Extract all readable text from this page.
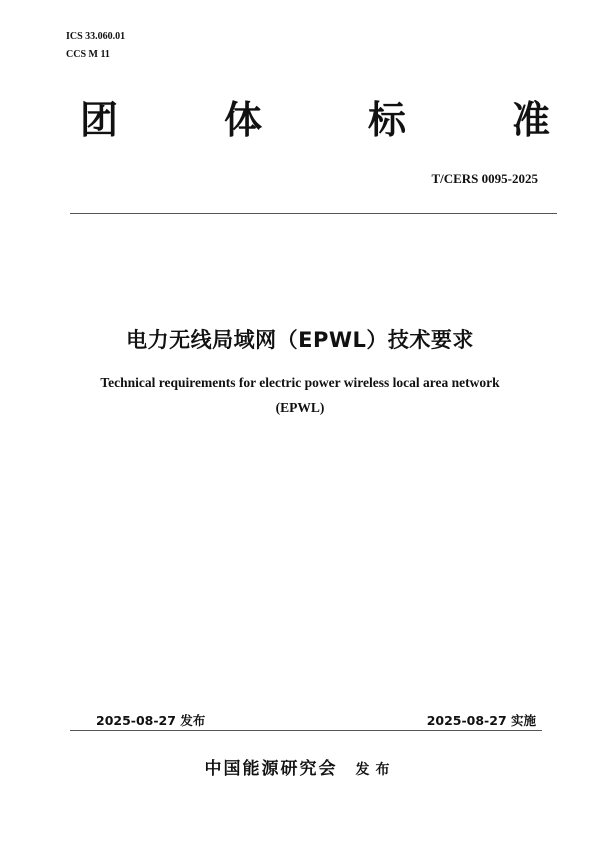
ICS 33.060.01
CCS M 11
团	体	标	准
T/CERS 0095-2025
电力无线局域网（EPWL）技术要求
Technical requirements for electric power wireless local area network
(EPWL)
2025-08-27 发布	2025-08-27 实施
中国能源研究会 发布
